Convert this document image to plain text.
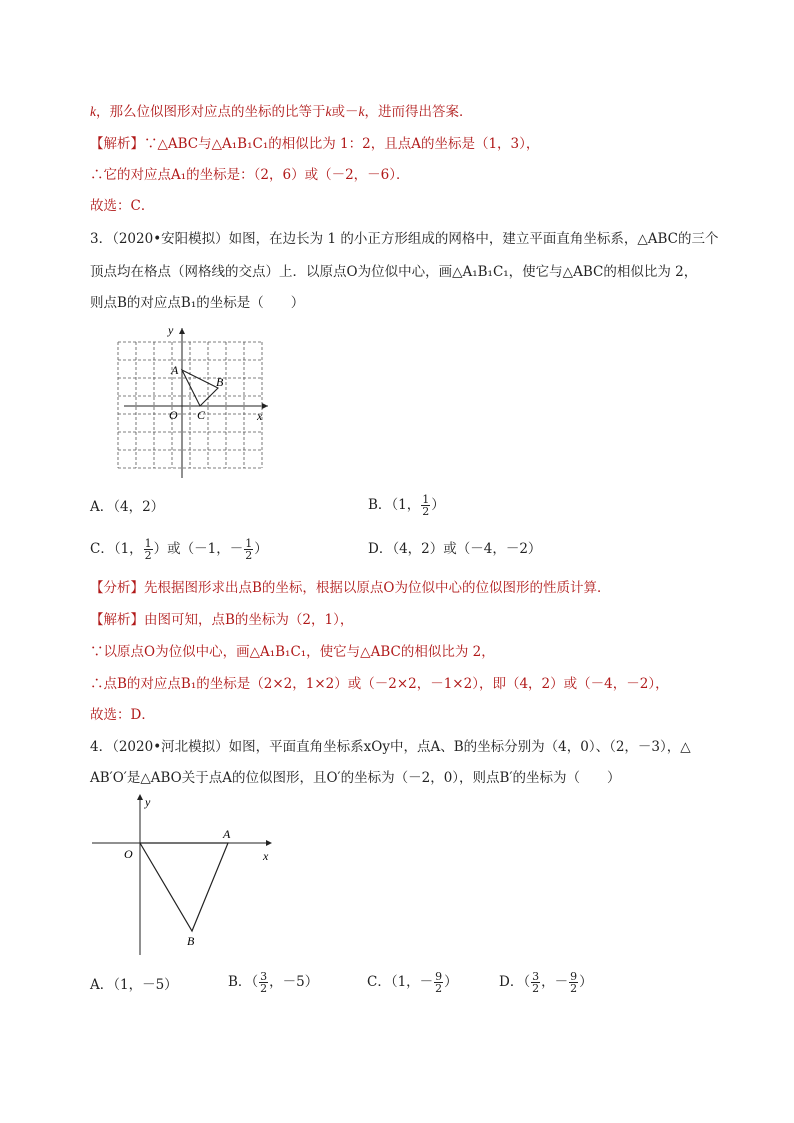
k，那么位似图形对应点的坐标的比等于k或－k，进而得出答案．
【解析】∵△ABC与△A₁B₁C₁的相似比为 1：2，且点A的坐标是（1，3），
∴它的对应点A₁的坐标是：（2，6）或（－2，－6）．
故选：C．
3．（2020•安阳模拟）如图，在边长为 1 的小正方形组成的网格中，建立平面直角坐标系，△ABC的三个
顶点均在格点（网格线的交点）上．以原点O为位似中心，画△A₁B₁C₁，使它与△ABC的相似比为 2，
则点B的对应点B₁的坐标是（　　）
y
x
O
A
B
C
A．（4，2）	B．（1， $\frac{1}{2}$ ）
C．（1， $\frac{1}{2}$ ）或（－1，－ $\frac{1}{2}$ ）	D．（4，2）或（－4，－2）
【分析】先根据图形求出点B的坐标，根据以原点O为位似中心的位似图形的性质计算．
【解析】由图可知，点B的坐标为（2，1），
∵以原点O为位似中心，画△A₁B₁C₁，使它与△ABC的相似比为 2，
∴点B的对应点B₁的坐标是（2×2，1×2）或（－2×2，－1×2），即（4，2）或（－4，－2），
故选：D．
4．（2020•河北模拟）如图，平面直角坐标系xOy中，点A、B的坐标分别为（4，0）、（2，－3），△
AB′O′是△ABO关于点A的位似图形，且O′的坐标为（－2，0），则点B′的坐标为（　　）
y
x
O
A
B
A．（1，－5）	B．（ $\frac{3}{2}$ ，－5）	C．（1，－ $\frac{9}{2}$ ）	D．（ $\frac{3}{2}$ ，－ $\frac{9}{2}$ ）
